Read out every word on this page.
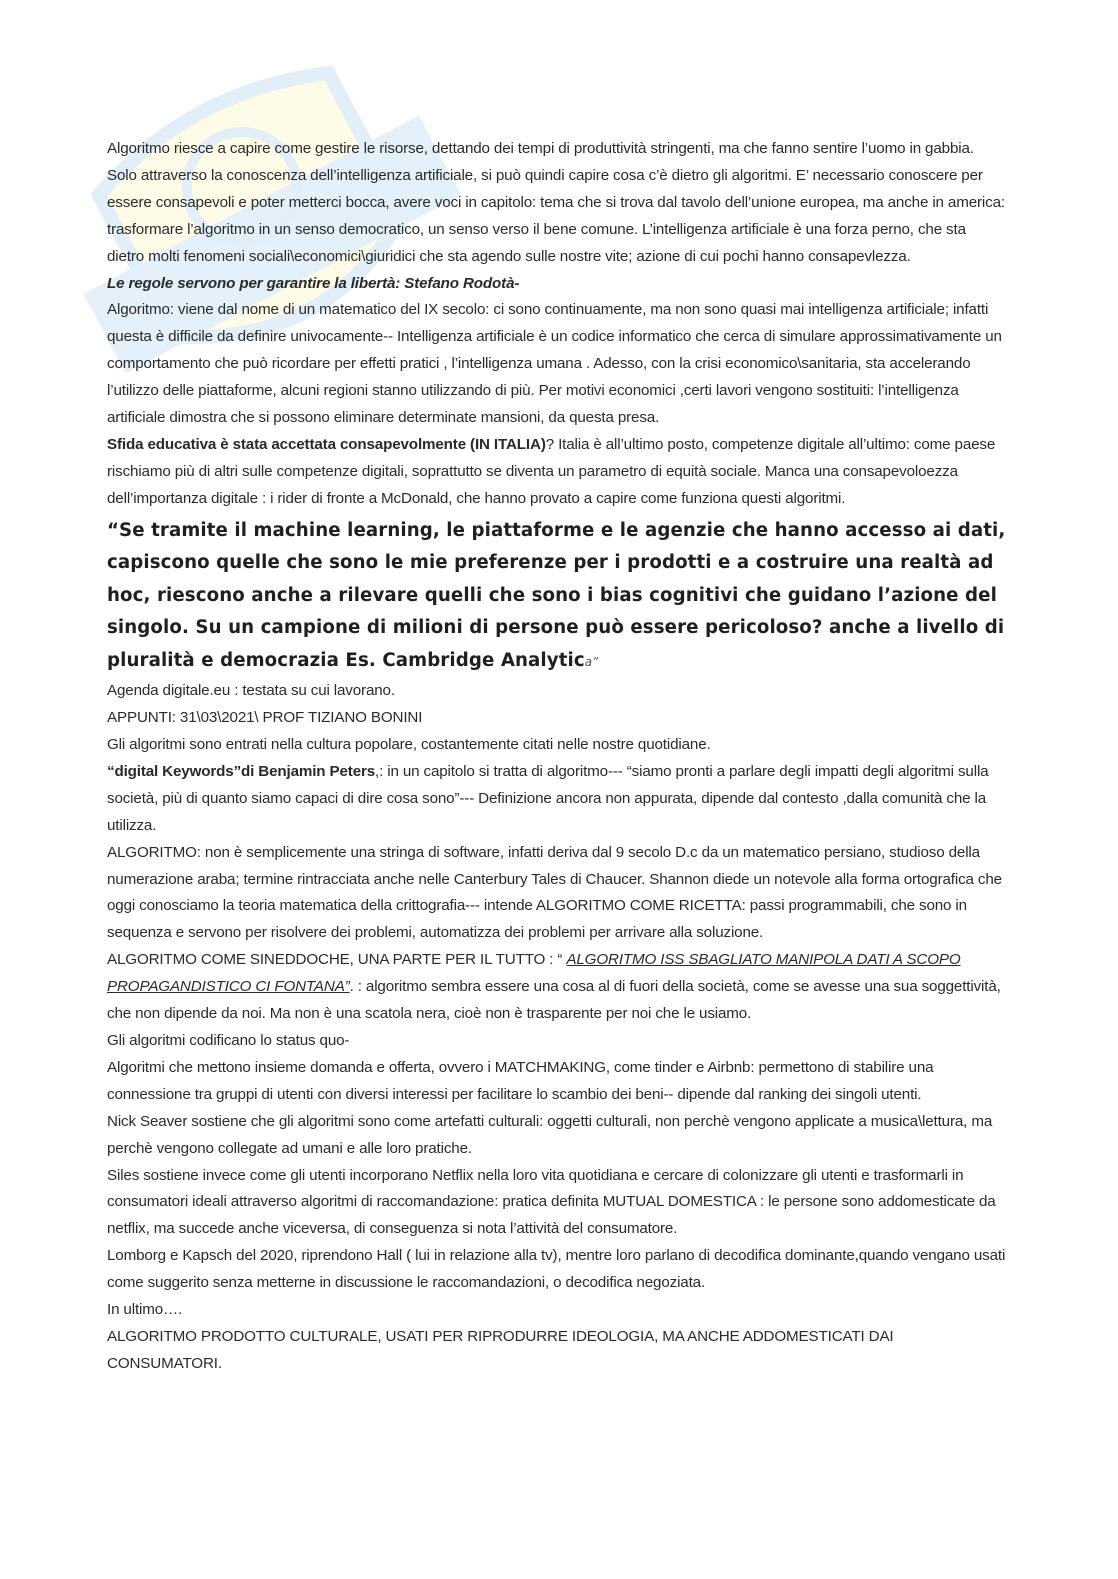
Algoritmo riesce a capire come gestire le risorse, dettando dei tempi di produttività stringenti, ma che fanno sentire l’uomo in gabbia. Solo attraverso la conoscenza dell’intelligenza artificiale, si può quindi capire cosa c’è dietro gli algoritmi. E’ necessario conoscere per essere consapevoli e poter metterci bocca, avere voci in capitolo: tema che si trova dal tavolo dell’unione europea, ma anche in america: trasformare l’algoritmo in un senso democratico, un senso verso il bene comune. L’intelligenza artificiale è una forza perno, che sta dietro molti fenomeni sociali\economici\giuridici che sta agendo sulle nostre vite; azione di cui pochi hanno consapevlezza.

Le regole servono per garantire la libertà: Stefano Rodotà-

Algoritmo: viene dal nome di un matematico del IX secolo: ci sono continuamente, ma non sono quasi mai intelligenza artificiale; infatti questa è difficile da definire univocamente-- Intelligenza artificiale è un codice informatico che cerca di simulare approssimativamente un comportamento che può ricordare per effetti pratici , l’intelligenza umana . Adesso, con la crisi economico\sanitaria, sta accelerando l’utilizzo delle piattaforme, alcuni regioni stanno utilizzando di più. Per motivi economici ,certi lavori vengono sostituiti: l’intelligenza artificiale dimostra che si possono eliminare determinate mansioni, da questa presa.

Sfida educativa è stata accettata consapevolmente (IN ITALIA)? Italia è all’ultimo posto, competenze digitale all’ultimo: come paese rischiamo più di altri sulle competenze digitali, soprattutto se diventa un parametro di equità sociale. Manca una consapevoloezza dell’importanza digitale : i rider di fronte a McDonald, che hanno provato a capire come funziona questi algoritmi.

“Se tramite il machine learning, le piattaforme e le agenzie che hanno accesso ai dati, capiscono quelle che sono le mie preferenze per i prodotti e a costruire una realtà ad hoc, riescono anche a rilevare quelli che sono i bias cognitivi che guidano l’azione del singolo. Su un campione di milioni di persone può essere pericoloso? anche a livello di pluralità e democrazia Es. Cambridge Analytica”

Agenda digitale.eu : testata su cui lavorano.

APPUNTI: 31\03\2021\ PROF TIZIANO BONINI

Gli algoritmi sono entrati nella cultura popolare, costantemente citati nelle nostre quotidiane.

“digital Keywords”di Benjamin Peters,: in un capitolo si tratta di algoritmo--- “siamo pronti a parlare degli impatti degli algoritmi sulla società, più di quanto siamo capaci di dire cosa sono”--- Definizione ancora non appurata, dipende dal contesto ,dalla comunità che la utilizza.

ALGORITMO: non è semplicemente una stringa di software, infatti deriva dal 9 secolo D.c da un matematico persiano, studioso della numerazione araba; termine rintracciata anche nelle Canterbury Tales di Chaucer. Shannon diede un notevole alla forma ortografica che oggi conosciamo la teoria matematica della crittografia--- intende ALGORITMO COME RICETTA: passi programmabili, che sono in sequenza e servono per risolvere dei problemi, automatizza dei problemi per arrivare alla soluzione.

ALGORITMO COME SINEDDOCHE, UNA PARTE PER IL TUTTO : “ ALGORITMO ISS SBAGLIATO MANIPOLA DATI A SCOPO PROPAGANDISTICO CI FONTANA”. : algoritmo sembra essere una cosa al di fuori della società, come se avesse una sua soggettività, che non dipende da noi. Ma non è una scatola nera, cioè non è trasparente per noi che le usiamo.

Gli algoritmi codificano lo status quo-

Algoritmi che mettono insieme domanda e offerta, ovvero i MATCHMAKING, come tinder e Airbnb: permettono di stabilire una connessione tra gruppi di utenti con diversi interessi per facilitare lo scambio dei beni-- dipende dal ranking dei singoli utenti.

Nick Seaver sostiene che gli algoritmi sono come artefatti culturali: oggetti culturali, non perchè vengono applicate a musica\lettura, ma perchè vengono collegate ad umani e alle loro pratiche.

Siles sostiene invece come gli utenti incorporano Netflix nella loro vita quotidiana e cercare di colonizzare gli utenti e trasformarli in consumatori ideali attraverso algoritmi di raccomandazione: pratica definita MUTUAL DOMESTICA : le persone sono addomesticate da netflix, ma succede anche viceversa, di conseguenza si nota l’attività del consumatore.

Lomborg e Kapsch del 2020, riprendono Hall ( lui in relazione alla tv), mentre loro parlano di decodifica dominante,quando vengano usati come suggerito senza metterne in discussione le raccomandazioni, o decodifica negoziata.

In ultimo….

ALGORITMO PRODOTTO CULTURALE, USATI PER RIPRODURRE IDEOLOGIA, MA ANCHE ADDOMESTICATI DAI CONSUMATORI.
